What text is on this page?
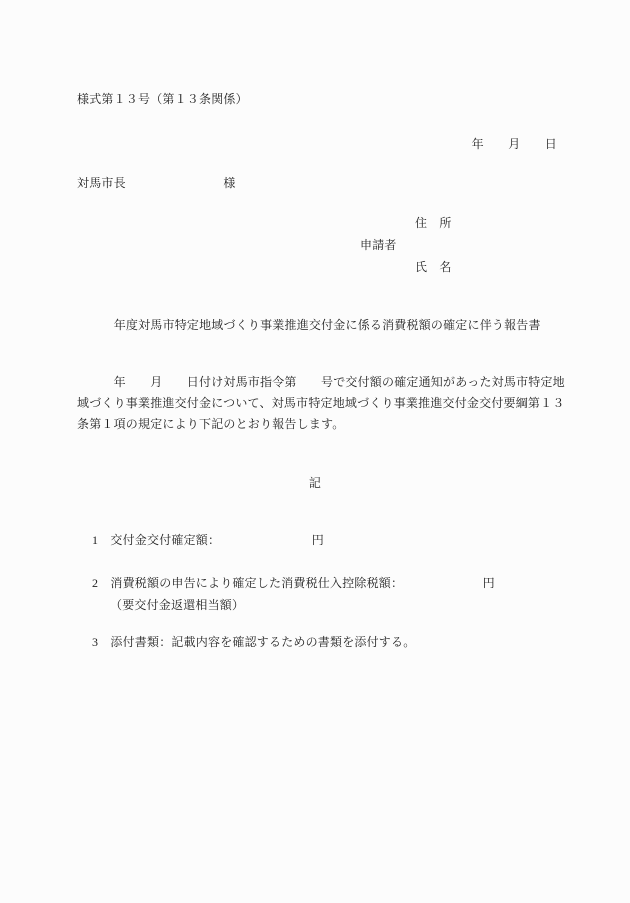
様式第１３号（第１３条関係）
年　　月　　日
対馬市長　　　　　　　　様
住　所
申請者
氏　名
　　年度対馬市特定地域づくり事業推進交付金に係る消費税額の確定に伴う報告書
　　　年　　月　　日付け対馬市指令第　　号で交付額の確定通知があった対馬市特定地
域づくり事業推進交付金について、対馬市特定地域づくり事業推進交付金交付要綱第１３
条第１項の規定により下記のとおり報告します。
記
1　交付金交付確定額：　　　　　　　　円
2　消費税額の申告により確定した消費税仕入控除税額：　　　　　　　円
（要交付金返還相当額）
3　添付書類：記載内容を確認するための書類を添付する。
